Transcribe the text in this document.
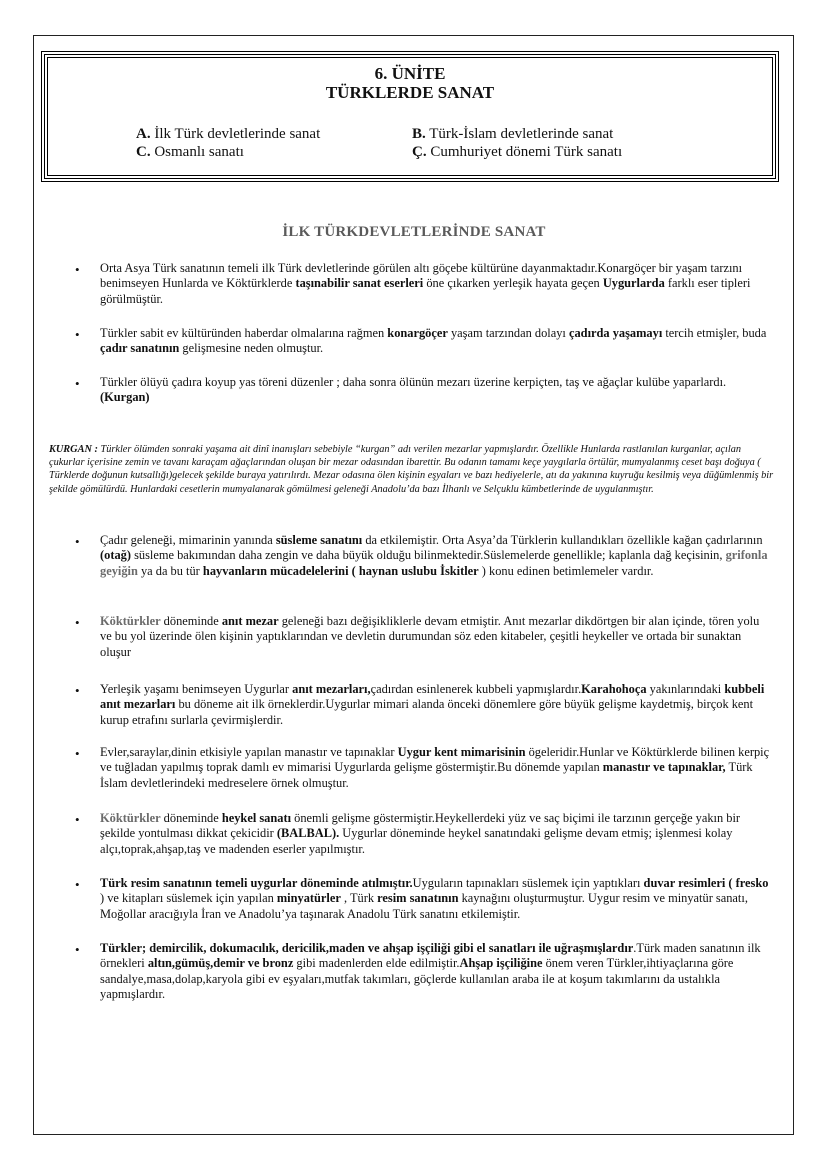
6. ÜNİTE
TÜRKLERDE SANAT
A. İlk Türk devletlerinde sanat	B. Türk-İslam devletlerinde sanat
C. Osmanlı sanatı	Ç. Cumhuriyet dönemi Türk sanatı
İLK TÜRKDEVLETLERİNDE SANAT
• Orta Asya Türk sanatının temeli ilk Türk devletlerinde görülen altı göçebe kültürüne dayanmaktadır.Konargöçer bir yaşam tarzını benimseyen Hunlarda ve Köktürklerde taşınabilir sanat eserleri öne çıkarken yerleşik hayata geçen Uygurlarda farklı eser tipleri görülmüştür.
• Türkler sabit ev kültüründen haberdar olmalarına rağmen konargöçer yaşam tarzından dolayı çadırda yaşamayı tercih etmişler, buda çadır sanatının gelişmesine neden olmuştur.
• Türkler ölüyü çadıra koyup yas töreni düzenler ; daha sonra ölünün mezarı üzerine kerpiçten, taş ve ağaçlar kulübe yaparlardı. (Kurgan)
KURGAN : Türkler ölümden sonraki yaşama ait dinî inanışları sebebiyle “kurgan” adı verilen mezarlar yapmışlardır. Özellikle Hunlarda rastlanılan kurganlar, açılan çukurlar içerisine zemin ve tavanı karaçam ağaçlarından oluşan bir mezar odasından ibarettir. Bu odanın tamamı keçe yaygılarla örtülür, mumyalanmış ceset başı doğuya ( Türklerde doğunun kutsallığı)gelecek şekilde buraya yatırılırdı. Mezar odasına ölen kişinin eşyaları ve bazı hediyelerle, atı da yakınına kuyruğu kesilmiş veya düğümlenmiş bir şekilde gömülürdü. Hunlardaki cesetlerin mumyalanarak gömülmesi geleneği Anadolu’da bazı İlhanlı ve Selçuklu kümbetlerinde de uygulanmıştır.
• Çadır geleneği, mimarinin yanında süsleme sanatını da etkilemiştir. Orta Asya’da Türklerin kullandıkları özellikle kağan çadırlarının (otağ) süsleme bakımından daha zengin ve daha büyük olduğu bilinmektedir.Süslemelerde genellikle; kaplanla dağ keçisinin, grifonla geyiğin ya da bu tür hayvanların mücadelelerini ( haynan uslubu İskitler ) konu edinen betimlemeler vardır.
• Köktürkler döneminde anıt mezar geleneği bazı değişikliklerle devam etmiştir. Anıt mezarlar dikdörtgen bir alan içinde, tören yolu ve bu yol üzerinde ölen kişinin yaptıklarından ve devletin durumundan söz eden kitabeler, çeşitli heykeller ve ortada bir sunaktan oluşur
• Yerleşik yaşamı benimseyen Uygurlar anıt mezarları,çadırdan esinlenerek kubbeli yapmışlardır.Karahohoça yakınlarındaki kubbeli anıt mezarları bu döneme ait ilk örneklerdir.Uygurlar mimari alanda önceki dönemlere göre büyük gelişme kaydetmiş, birçok kent kurup etrafını surlarla çevirmişlerdir.
• Evler,saraylar,dinin etkisiyle yapılan manastır ve tapınaklar Uygur kent mimarisinin ögeleridir.Hunlar ve Köktürklerde bilinen kerpiç ve tuğladan yapılmış toprak damlı ev mimarisi Uygurlarda gelişme göstermiştir.Bu dönemde yapılan manastır ve tapınaklar, Türk İslam devletlerindeki medreselere örnek olmuştur.
• Köktürkler döneminde heykel sanatı önemli gelişme göstermiştir.Heykellerdeki yüz ve saç biçimi ile tarzının gerçeğe yakın bir şekilde yontulması dikkat çekicidir (BALBAL). Uygurlar döneminde heykel sanatındaki gelişme devam etmiş; işlenmesi kolay alçı,toprak,ahşap,taş ve madenden eserler yapılmıştır.
• Türk resim sanatının temeli uygurlar döneminde atılmıştır.Uyguların tapınakları süslemek için yaptıkları duvar resimleri ( fresko ) ve kitapları süslemek için yapılan minyatürler , Türk resim sanatının kaynağını oluşturmuştur. Uygur resim ve minyatür sanatı, Moğollar aracığıyla İran ve Anadolu’ya taşınarak Anadolu Türk sanatını etkilemiştir.
• Türkler; demircilik, dokumacılık, dericilik,maden ve ahşap işçiliği gibi el sanatları ile uğraşmışlardır.Türk maden sanatının ilk örnekleri altın,gümüş,demir ve bronz gibi madenlerden elde edilmiştir.Ahşap işçiliğine önem veren Türkler,ihtiyaçlarına göre sandalye,masa,dolap,karyola gibi ev eşyaları,mutfak takımları, göçlerde kullanılan araba ile at koşum takımlarını da ustalıkla yapmışlardır.
